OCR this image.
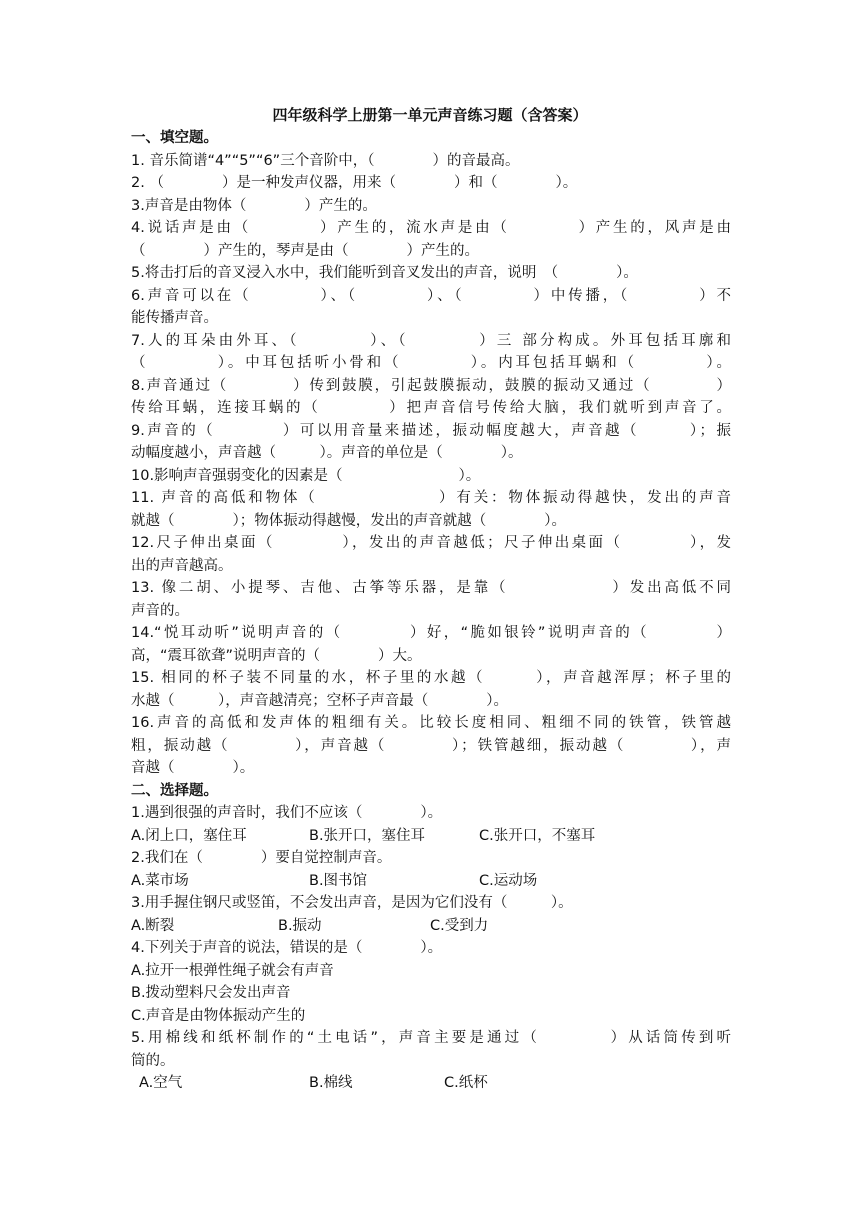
四年级科学上册第一单元声音练习题（含答案）
一、填空题。
1. 音乐简谱“4”“5”“6”三个音阶中，（　　　　）的音最高。
2. （　　　　）是一种发声仪器，用来（　　　　）和（　　　　）。
3.声音是由物体（　　　　）产生的。
4.说话声是由（　　　　）产生的，流水声是由（　　　　）产生的，风声是由
（　　　　）产生的，琴声是由（　　　　）产生的。
5.将击打后的音叉浸入水中，我们能听到音叉发出的声音，说明　（　　　　）。
6.声音可以在（　　　　）、（　　　　）、（　　　　）中传播，（　　　　）不
能传播声音。
7.人的耳朵由外耳、（　　　　）、（　　　　）三 部分构成。外耳包括耳廓和
（　　　　）。中耳包括听小骨和（　　　　）。内耳包括耳蜗和（　　　　）。
8.声音通过（　　　　）传到鼓膜，引起鼓膜振动，鼓膜的振动又通过（　　　　）
传给耳蜗，连接耳蜗的（　　　　）把声音信号传给大脑，我们就听到声音了。
9.声音的（　　　　）可以用音量来描述，振动幅度越大，声音越（　　　）；振
动幅度越小，声音越（　　　）。声音的单位是（　　　　）。
10.影响声音强弱变化的因素是（　　　　　　　　）。
11. 声音的高低和物体（　　　　　　　）有关：物体振动得越快，发出的声音
就越（　　　　）；物体振动得越慢，发出的声音就越（　　　　）。
12.尺子伸出桌面（　　　　），发出的声音越低；尺子伸出桌面（　　　　），发
出的声音越高。
13. 像二胡、小提琴、吉他、古筝等乐器，是靠（　　　　　　）发出高低不同
声音的。
14.“悦耳动听”说明声音的（　　　　）好，“脆如银铃”说明声音的（　　　　）
高，“震耳欲聋”说明声音的（　　　　）大。
15. 相同的杯子装不同量的水，杯子里的水越（　　　），声音越浑厚；杯子里的
水越（　　　），声音越清亮；空杯子声音最（　　　　）。
16.声音的高低和发声体的粗细有关。比较长度相同、粗细不同的铁管，铁管越
粗，振动越（　　　　），声音越（　　　　）；铁管越细，振动越（　　　　），声
音越（　　　　）。
二、选择题。
1.遇到很强的声音时，我们不应该（　　　　）。
A.闭上口，塞住耳	B.张开口，塞住耳	C.张开口，不塞耳
2.我们在（　　　　）要自觉控制声音。
A.菜市场	B.图书馆	C.运动场
3.用手握住钢尺或竖笛，不会发出声音，是因为它们没有（　　　）。
A.断裂	B.振动	C.受到力
4.下列关于声音的说法，错误的是（　　　　）。
A.拉开一根弹性绳子就会有声音
B.拨动塑料尺会发出声音
C.声音是由物体振动产生的
5.用棉线和纸杯制作的“土电话”，声音主要是通过（　　　　）从话筒传到听
筒的。
A.空气	B.棉线	C.纸杯
